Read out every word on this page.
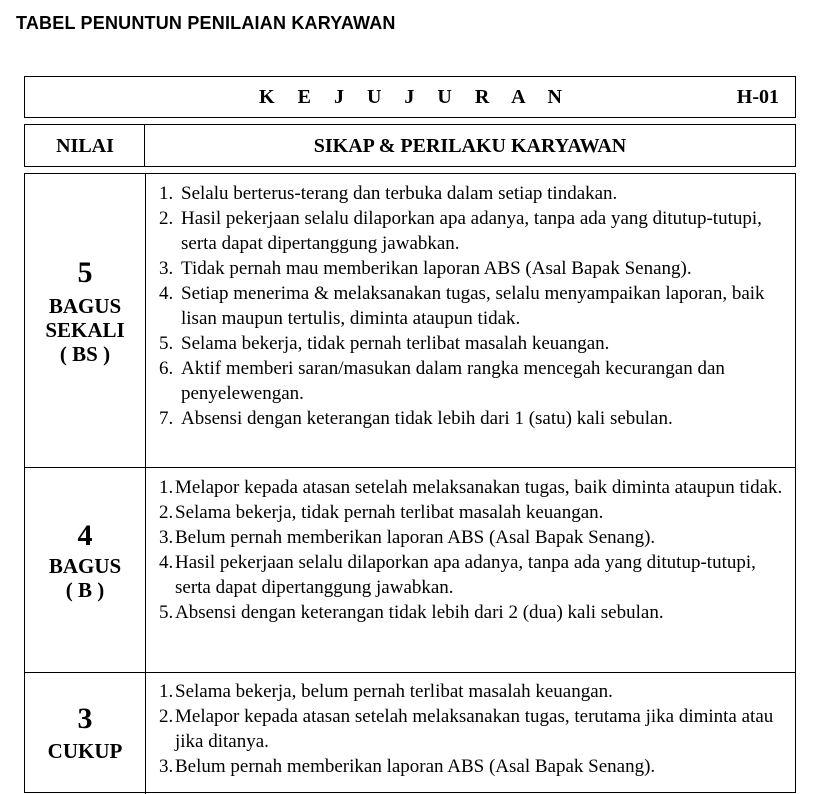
TABEL PENUNTUN PENILAIAN KARYAWAN
K E J U J U R A N	H-01
NILAI	SIKAP & PERILAKU KARYAWAN
5
BAGUS
SEKALI
( BS )
1. Selalu berterus-terang dan terbuka dalam setiap tindakan.
2. Hasil pekerjaan selalu dilaporkan apa adanya, tanpa ada yang ditutup-tutupi, serta dapat dipertanggung jawabkan.
3. Tidak pernah mau memberikan laporan ABS (Asal Bapak Senang).
4. Setiap menerima & melaksanakan tugas, selalu menyampaikan laporan, baik lisan maupun tertulis, diminta ataupun tidak.
5. Selama bekerja, tidak pernah terlibat masalah keuangan.
6. Aktif memberi saran/masukan dalam rangka mencegah kecurangan dan penyelewengan.
7. Absensi dengan keterangan tidak lebih dari 1 (satu) kali sebulan.
4
BAGUS
( B )
1. Melapor kepada atasan setelah melaksanakan tugas, baik diminta ataupun tidak.
2. Selama bekerja, tidak pernah terlibat masalah keuangan.
3. Belum pernah memberikan laporan ABS (Asal Bapak Senang).
4. Hasil pekerjaan selalu dilaporkan apa adanya, tanpa ada yang ditutup-tutupi, serta dapat dipertanggung jawabkan.
5. Absensi dengan keterangan tidak lebih dari 2 (dua) kali sebulan.
3
CUKUP
1. Selama bekerja, belum pernah terlibat masalah keuangan.
2. Melapor kepada atasan setelah melaksanakan tugas, terutama jika diminta atau jika ditanya.
3. Belum pernah memberikan laporan ABS (Asal Bapak Senang).
